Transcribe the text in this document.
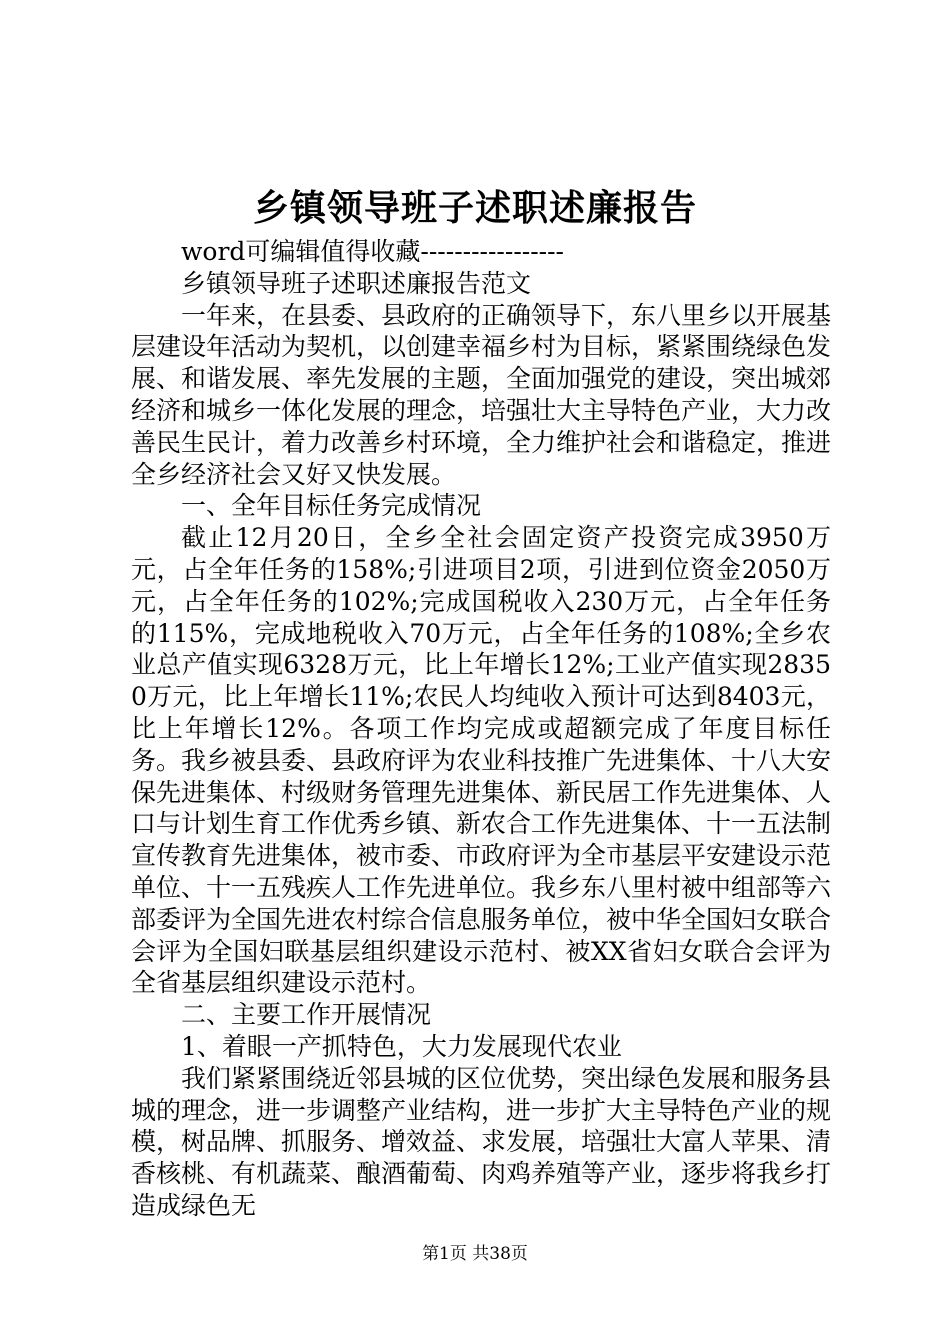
乡镇领导班子述职述廉报告

word可编辑值得收藏-----------------

乡镇领导班子述职述廉报告范文

一年来，在县委、县政府的正确领导下，东八里乡以开展基层建设年活动为契机，以创建幸福乡村为目标，紧紧围绕绿色发展、和谐发展、率先发展的主题，全面加强党的建设，突出城郊经济和城乡一体化发展的理念，培强壮大主导特色产业，大力改善民生民计，着力改善乡村环境，全力维护社会和谐稳定，推进全乡经济社会又好又快发展。

一、全年目标任务完成情况

截止12月20日，全乡全社会固定资产投资完成3950万元，占全年任务的158%;引进项目2项，引进到位资金2050万元，占全年任务的102%;完成国税收入230万元，占全年任务的115%，完成地税收入70万元，占全年任务的108%;全乡农业总产值实现6328万元，比上年增长12%;工业产值实现28350万元，比上年增长11%;农民人均纯收入预计可达到8403元，比上年增长12%。各项工作均完成或超额完成了年度目标任务。我乡被县委、县政府评为农业科技推广先进集体、十八大安保先进集体、村级财务管理先进集体、新民居工作先进集体、人口与计划生育工作优秀乡镇、新农合工作先进集体、十一五法制宣传教育先进集体，被市委、市政府评为全市基层平安建设示范单位、十一五残疾人工作先进单位。我乡东八里村被中组部等六部委评为全国先进农村综合信息服务单位，被中华全国妇女联合会评为全国妇联基层组织建设示范村、被XX省妇女联合会评为全省基层组织建设示范村。

二、主要工作开展情况

1、着眼一产抓特色，大力发展现代农业

我们紧紧围绕近邻县城的区位优势，突出绿色发展和服务县城的理念，进一步调整产业结构，进一步扩大主导特色产业的规模，树品牌、抓服务、增效益、求发展，培强壮大富人苹果、清香核桃、有机蔬菜、酿酒葡萄、肉鸡养殖等产业，逐步将我乡打造成绿色无

第1页 共38页
